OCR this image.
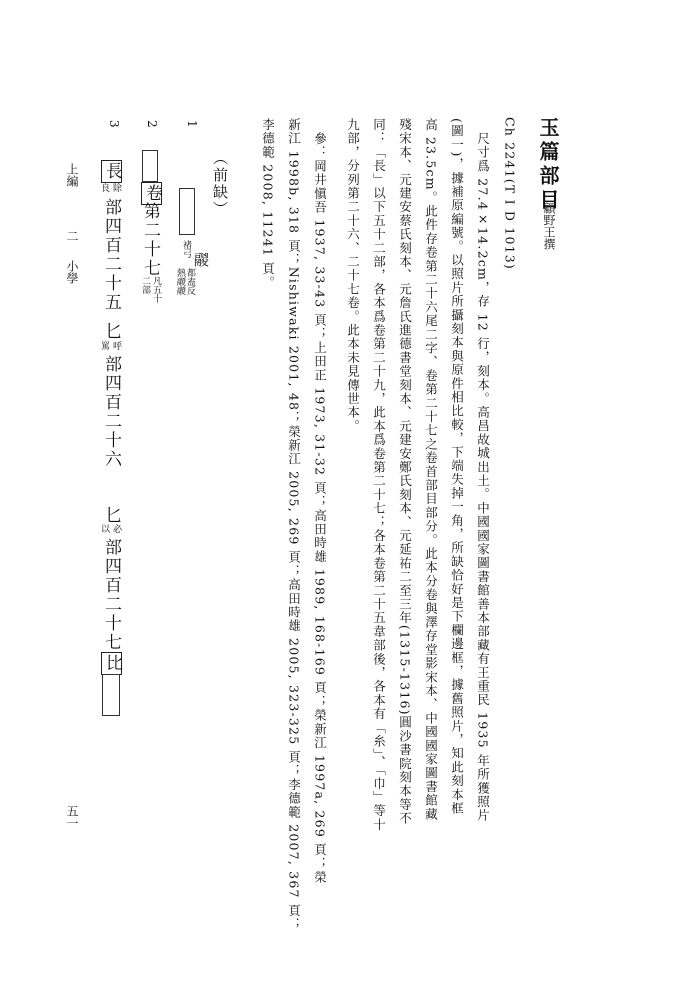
上編
二
小學
五一
玉篇部目
顧野王撰
Ch 2241(T I D 1013)
尺寸爲 27.4×14.2cm，存 12 行，刻本。高昌故城出土。中國國家圖書館善本部藏有王重民 1935 年所獲照片
(圖一)，據補原編號。以照片所攝刻本與原件相比較，下端失掉一角，所缺恰好是下欄邊框，據舊照片，知此刻本框
高 23.5cm。此件存卷第二十六尾二字、卷第二十七之卷首部目部分。此本分卷與澤存堂影宋本、中國國家圖書館藏
殘宋本、元建安蔡氏刻本、元詹氏進德書堂刻本、元建安鄭氏刻本、元延祐二至三年(1315-1316)圓沙書院刻本等不
同：「長」以下五十二部，各本爲卷第二十九，此本爲卷第二十七；各本卷第二十五韋部後，各本有「糸」、「巾」等十
九部，分列第二十六、二十七卷。此本未見傳世本。
參：岡井愼吾 1937, 33-43 頁；上田正 1973, 31-32 頁；高田時雄 1989, 168-169 頁；榮新江 1997a, 269 頁；榮
新江 1998b, 318 頁；Nishiwaki 2001, 48；榮新江 2005, 269 頁；高田時雄 2005, 323-325 頁；李德範 2007, 367 頁；
李德範 2008, 11241 頁。
（前缺）
1
2
3
褚弓
鬷
都盍反
熱鬷鬷
卷
第二十七
凡五十
二部
長
除
良
部四百二十五
匕
呼
罵
部四百二十六
匕
必
以
部四百二十七
比
